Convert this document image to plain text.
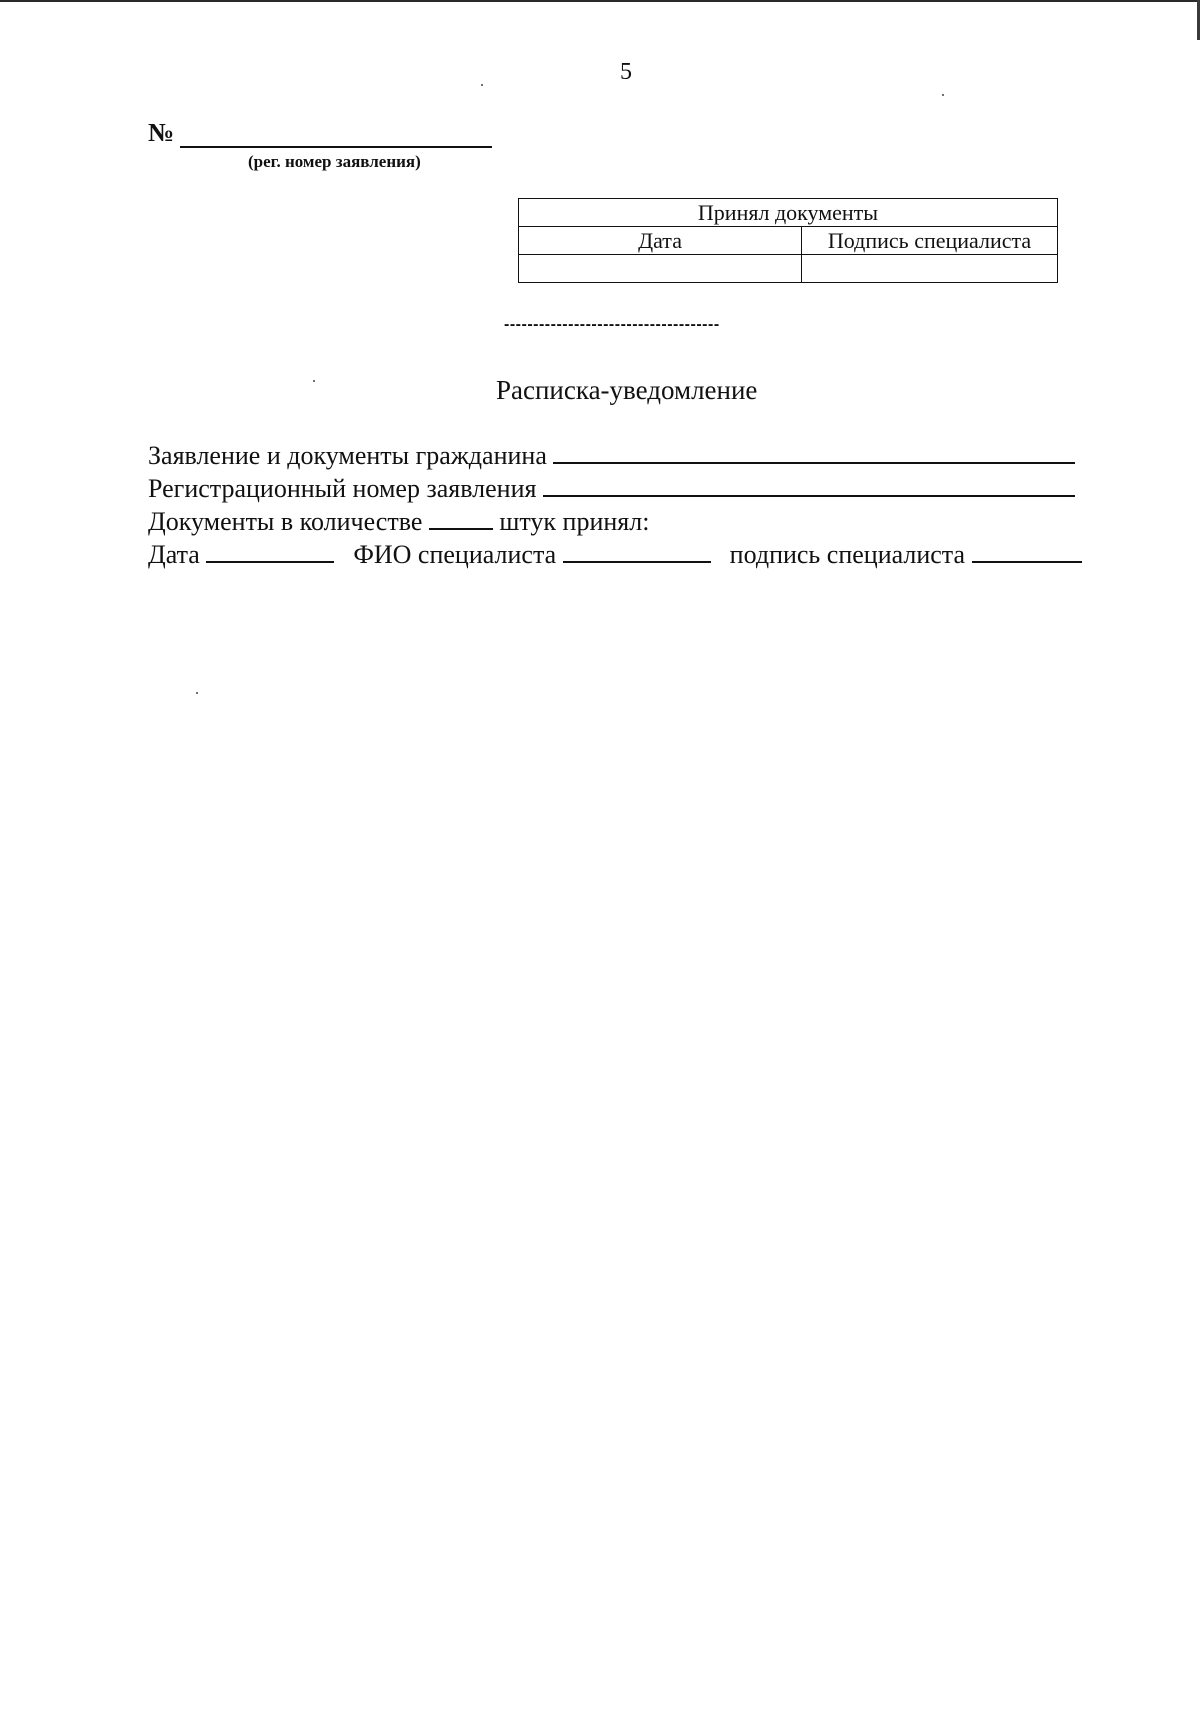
5
№
(рег. номер заявления)
Принял документы	
Дата	Подпись специалиста

-------------------------------------
Расписка-уведомление
Заявление и документы гражданина
Регистрационный номер заявления
Документы в количестве	штук принял:
Дата	ФИО специалиста	подпись специалиста
